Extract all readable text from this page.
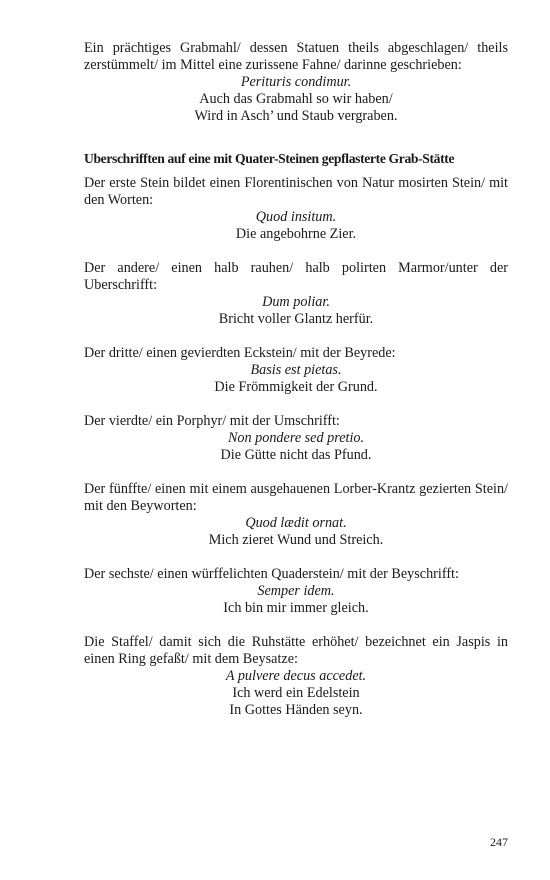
Ein prächtiges Grabmahl/ dessen Statuen theils abgeschlagen/ theils zerstümmelt/ im Mittel eine zurissene Fahne/ darinne geschrieben:

Perituris condimur.

Auch das Grabmahl so wir haben/

Wird in Asch’ und Staub vergraben.

Uberschrifften auf eine mit Quater-Steinen gepflasterte Grab-Stätte

Der erste Stein bildet einen Florentinischen von Natur mosirten Stein/ mit den Worten:

Quod insitum.

Die angebohrne Zier.

Der andere/ einen halb rauhen/ halb polirten Marmor/unter der Uberschrifft:

Dum poliar.

Bricht voller Glantz herfür.

Der dritte/ einen gevierdten Eckstein/ mit der Beyrede:

Basis est pietas.

Die Frömmigkeit der Grund.

Der vierdte/ ein Porphyr/ mit der Umschrifft:

Non pondere sed pretio.

Die Gütte nicht das Pfund.

Der fünffte/ einen mit einem ausgehauenen Lorber-Krantz gezierten Stein/ mit den Beyworten:

Quod lædit ornat.

Mich zieret Wund und Streich.

Der sechste/ einen würffelichten Quaderstein/ mit der Beyschrifft:

Semper idem.

Ich bin mir immer gleich.

Die Staffel/ damit sich die Ruhstätte erhöhet/ bezeichnet ein Jaspis in einen Ring gefaßt/ mit dem Beysatze:

A pulvere decus accedet.

Ich werd ein Edelstein

In Gottes Händen seyn.

247
